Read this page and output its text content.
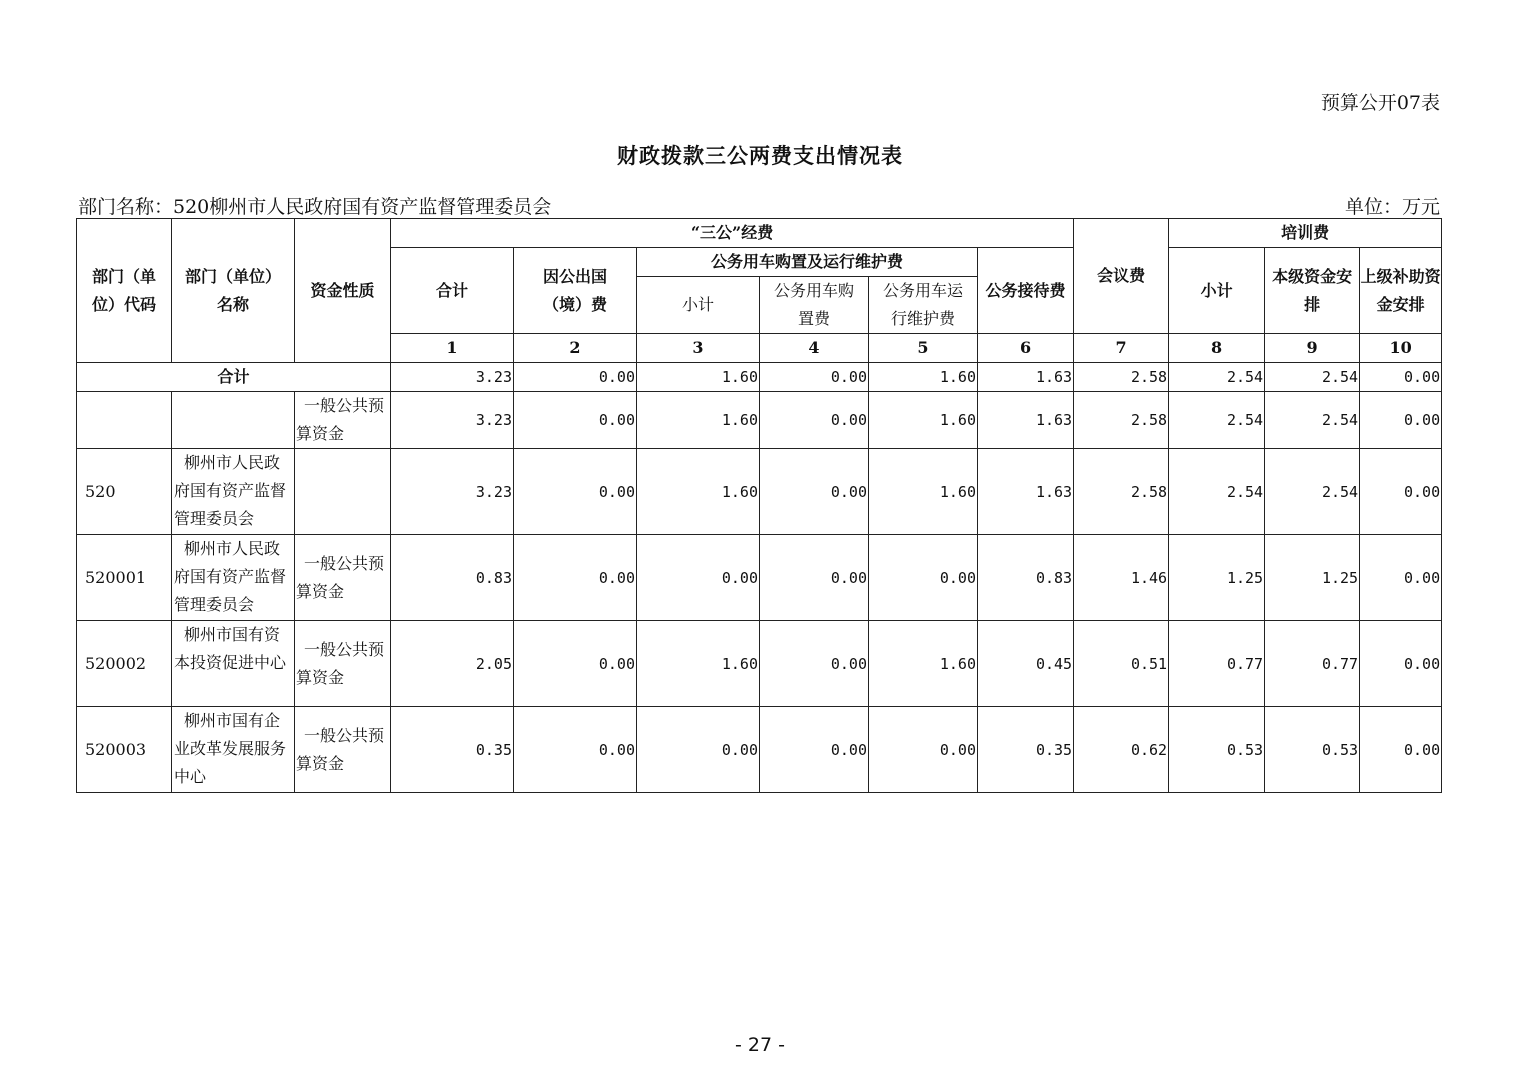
预算公开07表
财政拨款三公两费支出情况表
部门名称：520柳州市人民政府国有资产监督管理委员会	单位：万元
部门（单位）代码	部门（单位）名称	资金性质	“三公”经费						会议费	培训费		
			合计	因公出国（境）费	公务用车购置及运行维护费			公务接待费		小计	本级资金安排	上级补助资金安排
					小计	公务用车购置费	公务用车运行维护费					
			1	2	3	4	5	6	7	8	9	10
合计			3.23	0.00	1.60	0.00	1.60	1.63	2.58	2.54	2.54	0.00
		一般公共预算资金	3.23	0.00	1.60	0.00	1.60	1.63	2.58	2.54	2.54	0.00
520	柳州市人民政府国有资产监督管理委员会		3.23	0.00	1.60	0.00	1.60	1.63	2.58	2.54	2.54	0.00
520001	柳州市人民政府国有资产监督管理委员会	一般公共预算资金	0.83	0.00	0.00	0.00	0.00	0.83	1.46	1.25	1.25	0.00
520002	柳州市国有资本投资促进中心	一般公共预算资金	2.05	0.00	1.60	0.00	1.60	0.45	0.51	0.77	0.77	0.00
520003	柳州市国有企业改革发展服务中心	一般公共预算资金	0.35	0.00	0.00	0.00	0.00	0.35	0.62	0.53	0.53	0.00
- 27 -
